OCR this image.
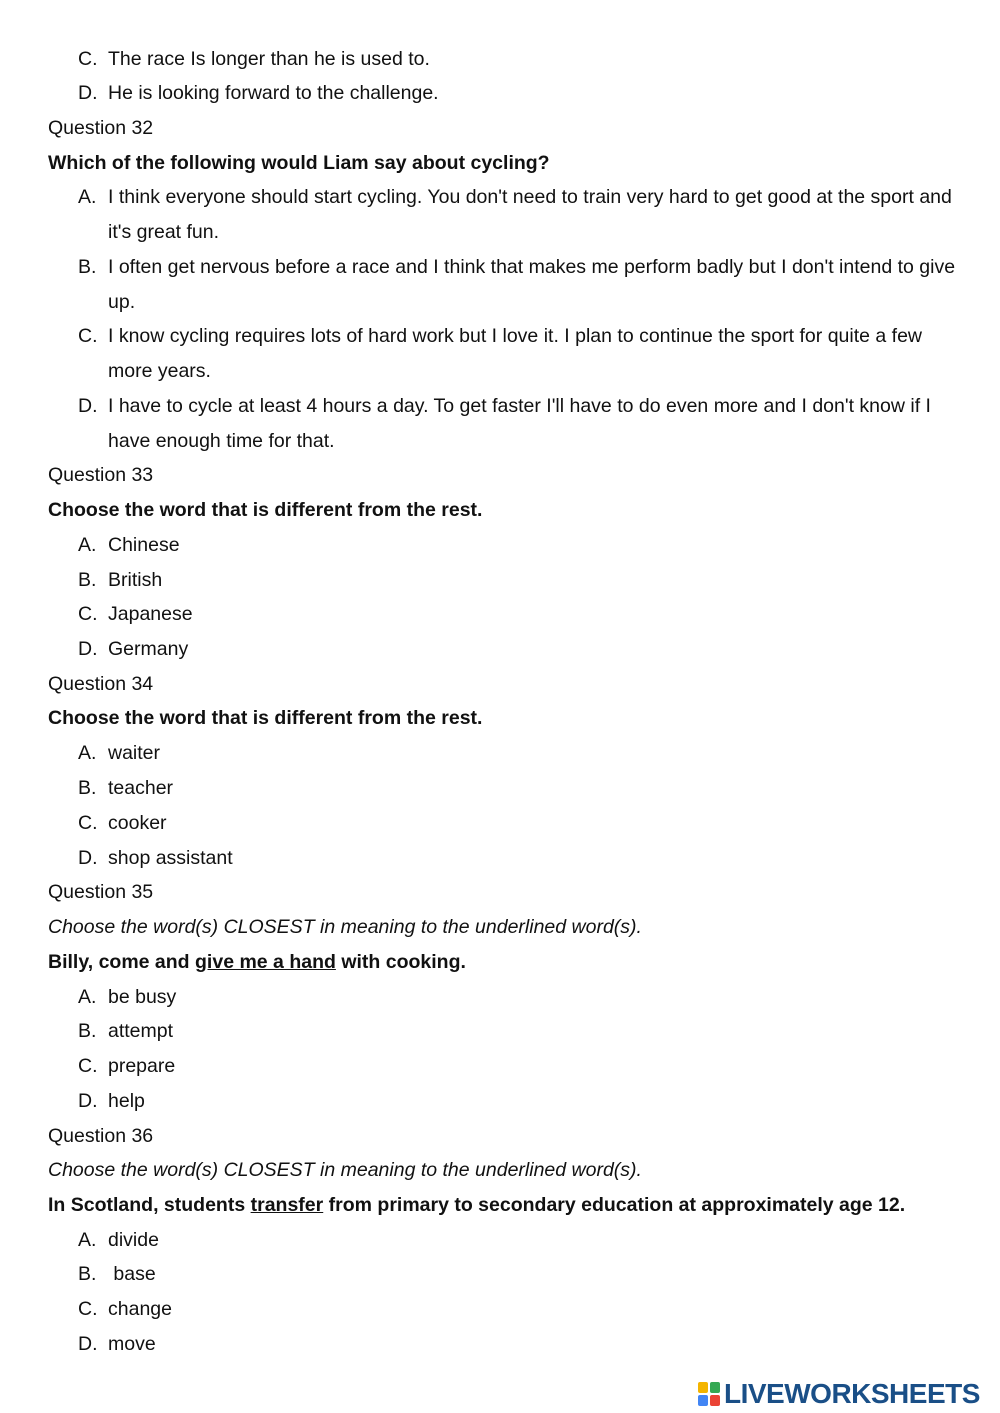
C. The race Is longer than he is used to.
D. He is looking forward to the challenge.
Question 32
Which of the following would Liam say about cycling?
A. I think everyone should start cycling. You don't need to train very hard to get good at the sport and it's great fun.
B. I often get nervous before a race and I think that makes me perform badly but I don't intend to give up.
C. I know cycling requires lots of hard work but I love it. I plan to continue the sport for quite a few more years.
D. I have to cycle at least 4 hours a day. To get faster I'll have to do even more and I don't know if I have enough time for that.
Question 33
Choose the word that is different from the rest.
A. Chinese
B. British
C. Japanese
D. Germany
Question 34
Choose the word that is different from the rest.
A. waiter
B. teacher
C. cooker
D. shop assistant
Question 35
Choose the word(s) CLOSEST in meaning to the underlined word(s).
Billy, come and give me a hand with cooking.
A. be busy
B. attempt
C. prepare
D. help
Question 36
Choose the word(s) CLOSEST in meaning to the underlined word(s).
In Scotland, students transfer from primary to secondary education at approximately age 12.
A. divide
B. base
C. change
D. move
LIVEWORKSHEETS
